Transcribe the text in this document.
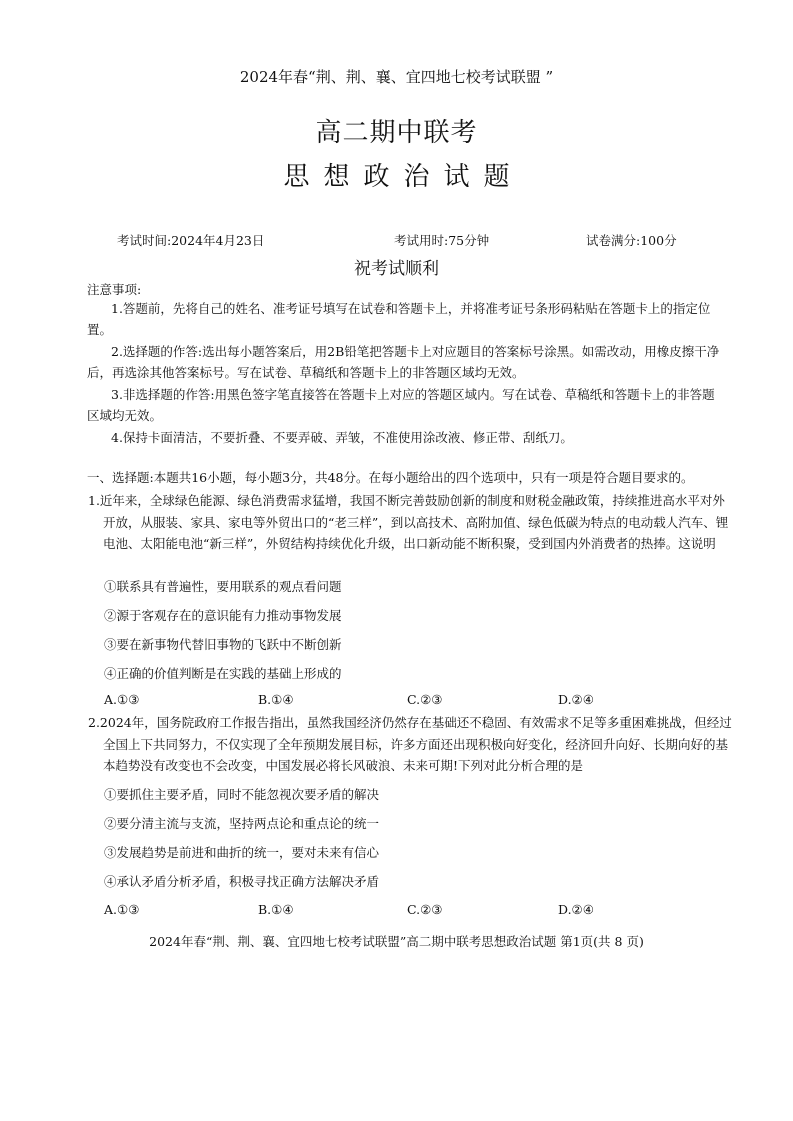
2024年春“荆、荆、襄、宜四地七校考试联盟 ”
高二期中联考
思想政治试题
考试时间:2024年4月23日	考试用时:75分钟	试卷满分:100分
祝考试顺利
注意事项:
1.答题前，先将自己的姓名、准考证号填写在试卷和答题卡上，并将准考证号条形码粘贴在答题卡上的指定位置。
2.选择题的作答:选出每小题答案后，用2B铅笔把答题卡上对应题目的答案标号涂黑。如需改动，用橡皮擦干净后，再选涂其他答案标号。写在试卷、草稿纸和答题卡上的非答题区域均无效。
3.非选择题的作答:用黑色签字笔直接答在答题卡上对应的答题区域内。写在试卷、草稿纸和答题卡上的非答题区域均无效。
4.保持卡面清洁，不要折叠、不要弄破、弄皱，不准使用涂改液、修正带、刮纸刀。
一、选择题:本题共16小题，每小题3分，共48分。在每小题给出的四个选项中，只有一项是符合题目要求的。
1.近年来，全球绿色能源、绿色消费需求猛增，我国不断完善鼓励创新的制度和财税金融政策，持续推进高水平对外开放，从服装、家具、家电等外贸出口的“老三样”，到以高技术、高附加值、绿色低碳为特点的电动载人汽车、锂电池、太阳能电池“新三样”，外贸结构持续优化升级，出口新动能不断积聚，受到国内外消费者的热捧。这说明
①联系具有普遍性，要用联系的观点看问题
②源于客观存在的意识能有力推动事物发展
③要在新事物代替旧事物的飞跃中不断创新
④正确的价值判断是在实践的基础上形成的
A.①③	B.①④	C.②③	D.②④
2.2024年，国务院政府工作报告指出，虽然我国经济仍然存在基础还不稳固、有效需求不足等多重困难挑战，但经过全国上下共同努力，不仅实现了全年预期发展目标，许多方面还出现积极向好变化，经济回升向好、长期向好的基本趋势没有改变也不会改变，中国发展必将长风破浪、未来可期!下列对此分析合理的是
①要抓住主要矛盾，同时不能忽视次要矛盾的解决
②要分清主流与支流，坚持两点论和重点论的统一
③发展趋势是前进和曲折的统一，要对未来有信心
④承认矛盾分析矛盾，积极寻找正确方法解决矛盾
A.①③	B.①④	C.②③	D.②④
2024年春“荆、荆、襄、宜四地七校考试联盟”高二期中联考思想政治试题 第1页(共 8 页)
